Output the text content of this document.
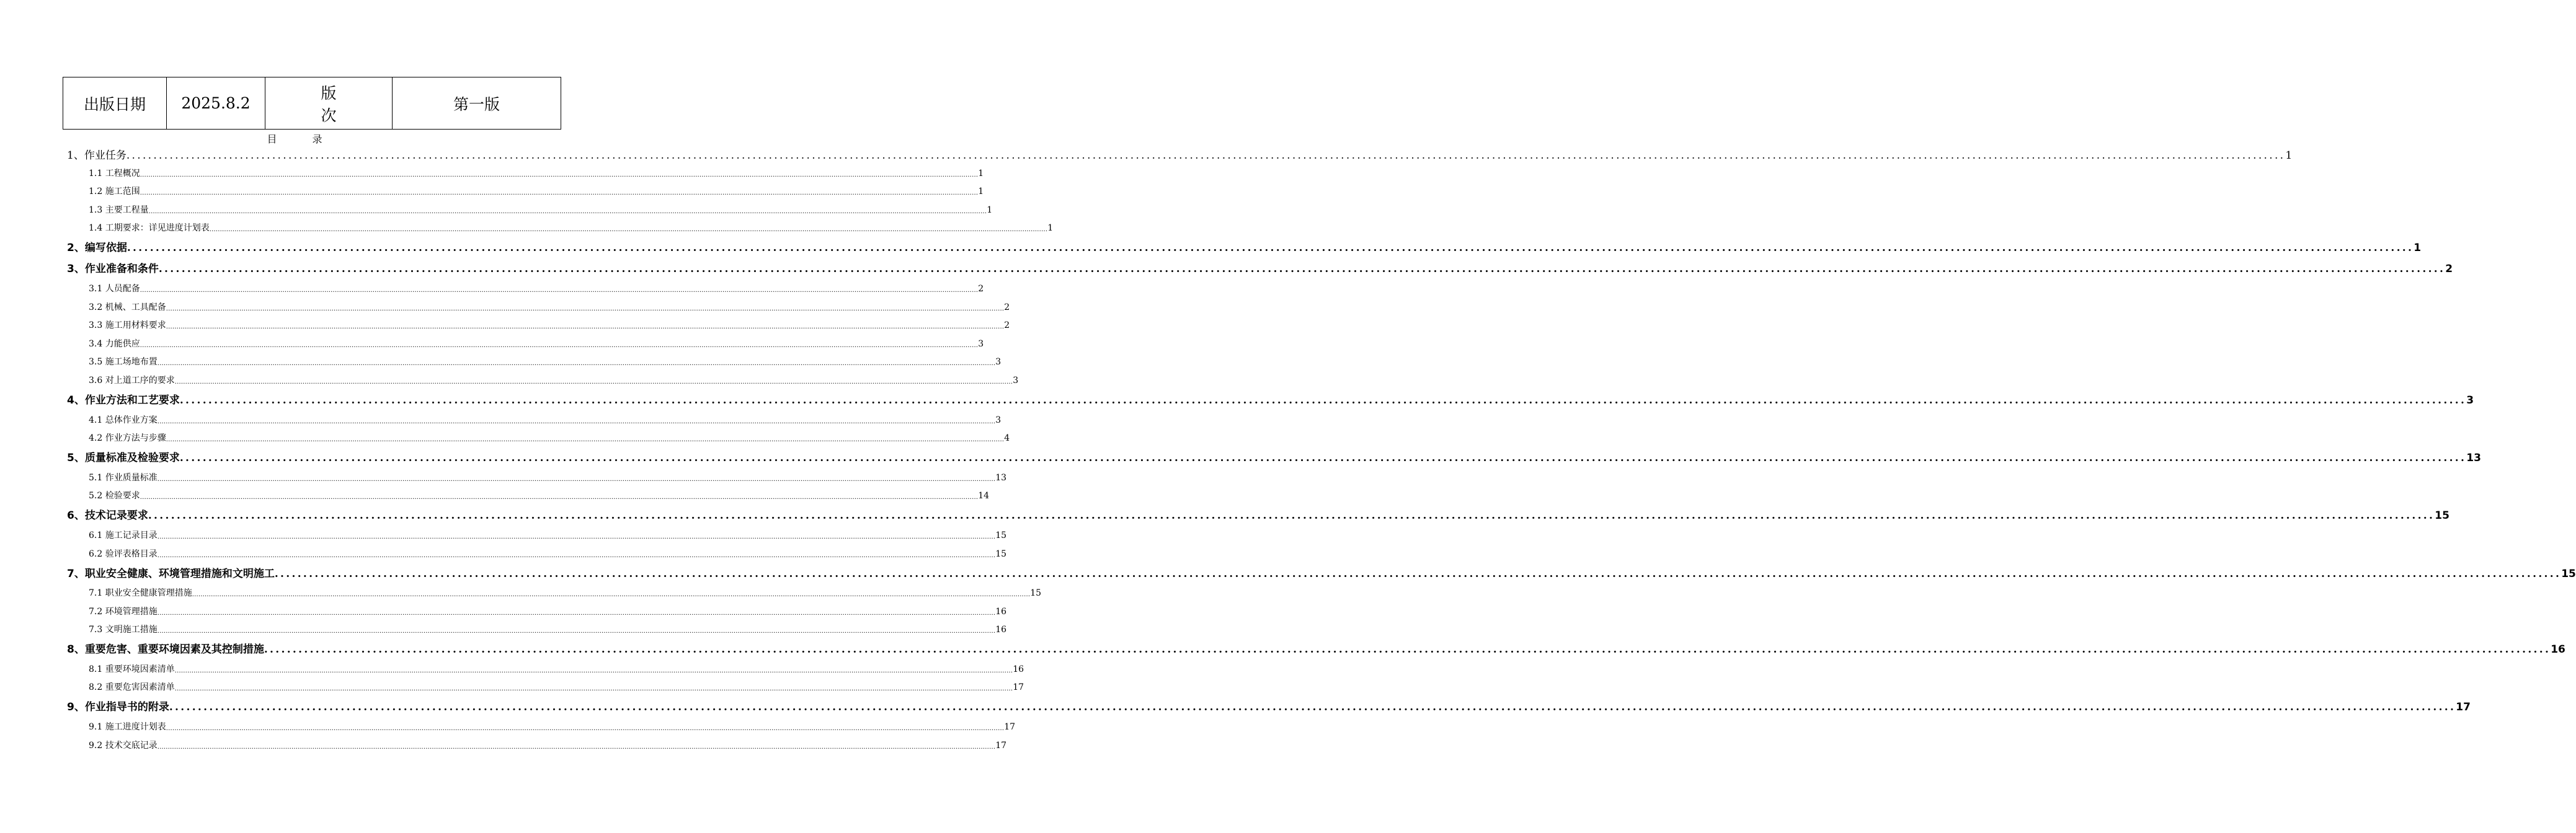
出版日期	2025.8.2	版 次	第一版
目 录
1、作业任务 ................................................................................................................................................................................................................................................................................................................................................................................................................ 1
1.1 工程概况 ................................................................................................................................................................................................................................................................................................................................................................................................................ 1
1.2 施工范围 ................................................................................................................................................................................................................................................................................................................................................................................................................ 1
1.3 主要工程量 ................................................................................................................................................................................................................................................................................................................................................................................................................ 1
1.4 工期要求：详见进度计划表 ................................................................................................................................................................................................................................................................................................................................................................................................................ 1
2、编写依据 ................................................................................................................................................................................................................................................................................................................................................................................................................ 1
3、作业准备和条件 ................................................................................................................................................................................................................................................................................................................................................................................................................ 2
3.1 人员配备 ................................................................................................................................................................................................................................................................................................................................................................................................................ 2
3.2 机械、工具配备 ................................................................................................................................................................................................................................................................................................................................................................................................................ 2
3.3 施工用材料要求 ................................................................................................................................................................................................................................................................................................................................................................................................................ 2
3.4 力能供应 ................................................................................................................................................................................................................................................................................................................................................................................................................ 3
3.5 施工场地布置 ................................................................................................................................................................................................................................................................................................................................................................................................................ 3
3.6 对上道工序的要求 ................................................................................................................................................................................................................................................................................................................................................................................................................ 3
4、作业方法和工艺要求 ................................................................................................................................................................................................................................................................................................................................................................................................................ 3
4.1 总体作业方案 ................................................................................................................................................................................................................................................................................................................................................................................................................ 3
4.2 作业方法与步骤 ................................................................................................................................................................................................................................................................................................................................................................................................................ 4
5、质量标准及检验要求 ................................................................................................................................................................................................................................................................................................................................................................................................................ 13
5.1 作业质量标准 ................................................................................................................................................................................................................................................................................................................................................................................................................ 13
5.2 检验要求 ................................................................................................................................................................................................................................................................................................................................................................................................................ 14
6、技术记录要求 ................................................................................................................................................................................................................................................................................................................................................................................................................ 15
6.1 施工记录目录 ................................................................................................................................................................................................................................................................................................................................................................................................................ 15
6.2 验评表格目录 ................................................................................................................................................................................................................................................................................................................................................................................................................ 15
7、职业安全健康、环境管理措施和文明施工 ................................................................................................................................................................................................................................................................................................................................................................................................................ 15
7.1 职业安全健康管理措施 ................................................................................................................................................................................................................................................................................................................................................................................................................ 15
7.2 环境管理措施 ................................................................................................................................................................................................................................................................................................................................................................................................................ 16
7.3 文明施工措施 ................................................................................................................................................................................................................................................................................................................................................................................................................ 16
8、重要危害、重要环境因素及其控制措施 ................................................................................................................................................................................................................................................................................................................................................................................................................ 16
8.1 重要环境因素清单 ................................................................................................................................................................................................................................................................................................................................................................................................................ 16
8.2 重要危害因素清单 ................................................................................................................................................................................................................................................................................................................................................................................................................ 17
9、作业指导书的附录 ................................................................................................................................................................................................................................................................................................................................................................................................................ 17
9.1 施工进度计划表 ................................................................................................................................................................................................................................................................................................................................................................................................................ 17
9.2 技术交底记录 ................................................................................................................................................................................................................................................................................................................................................................................................................ 17
